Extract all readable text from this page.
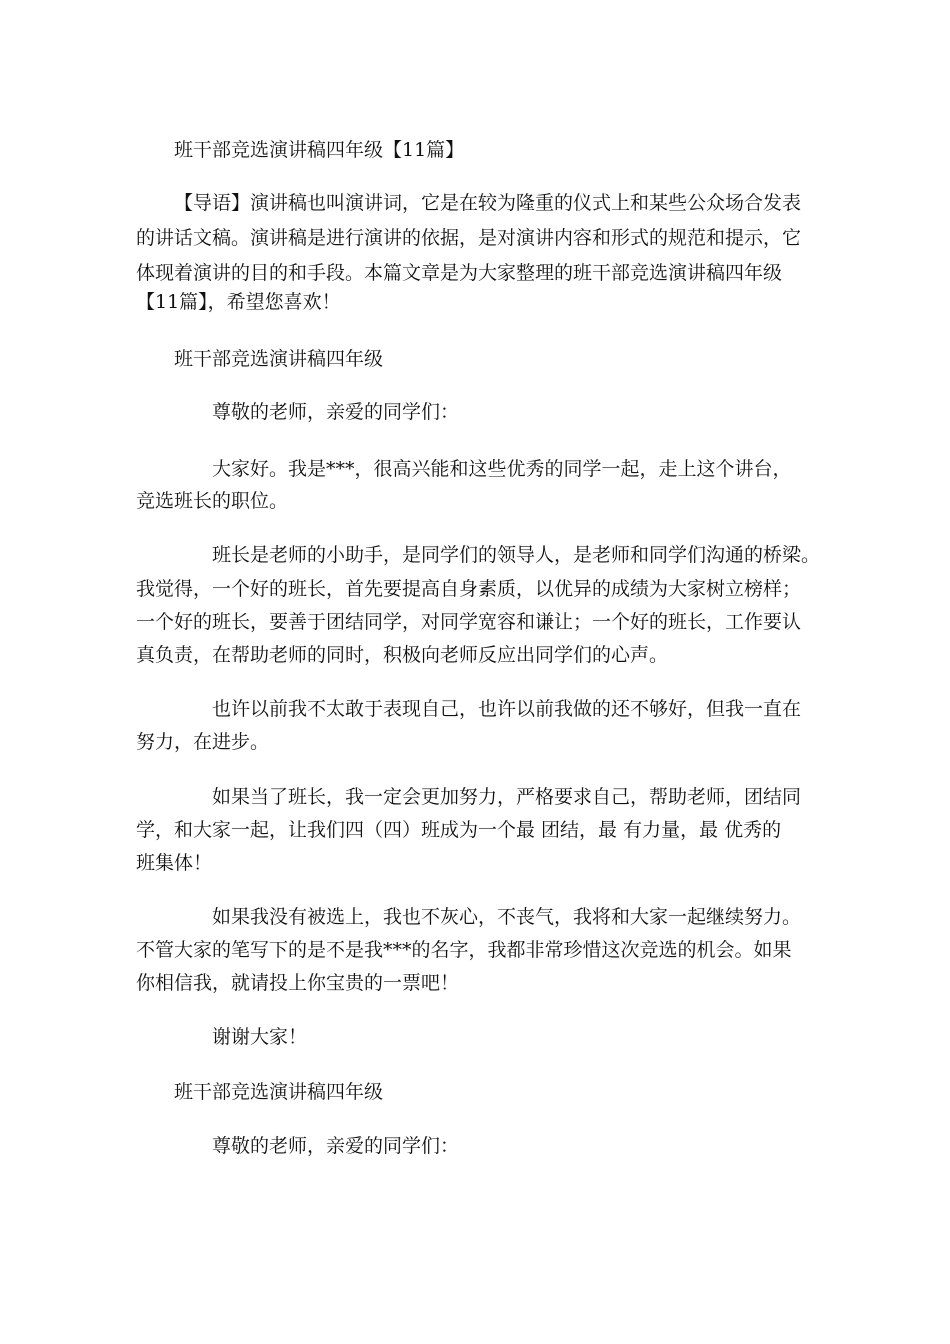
班干部竞选演讲稿四年级【11篇】

【导语】演讲稿也叫演讲词，它是在较为隆重的仪式上和某些公众场合发表

的讲话文稿。演讲稿是进行演讲的依据，是对演讲内容和形式的规范和提示，它

体现着演讲的目的和手段。本篇文章是为大家整理的班干部竞选演讲稿四年级

【11篇】，希望您喜欢！

班干部竞选演讲稿四年级

尊敬的老师，亲爱的同学们：

大家好。我是***，很高兴能和这些优秀的同学一起，走上这个讲台，

竞选班长的职位。

班长是老师的小助手，是同学们的领导人，是老师和同学们沟通的桥梁。

我觉得，一个好的班长，首先要提高自身素质，以优异的成绩为大家树立榜样；

一个好的班长，要善于团结同学，对同学宽容和谦让；一个好的班长，工作要认

真负责，在帮助老师的同时，积极向老师反应出同学们的心声。

也许以前我不太敢于表现自己，也许以前我做的还不够好，但我一直在

努力，在进步。

如果当了班长，我一定会更加努力，严格要求自己，帮助老师，团结同

学，和大家一起，让我们四（四）班成为一个最 团结，最 有力量，最 优秀的

班集体！

如果我没有被选上，我也不灰心，不丧气，我将和大家一起继续努力。

不管大家的笔写下的是不是我***的名字，我都非常珍惜这次竞选的机会。如果

你相信我，就请投上你宝贵的一票吧！

谢谢大家！

班干部竞选演讲稿四年级

尊敬的老师，亲爱的同学们：
